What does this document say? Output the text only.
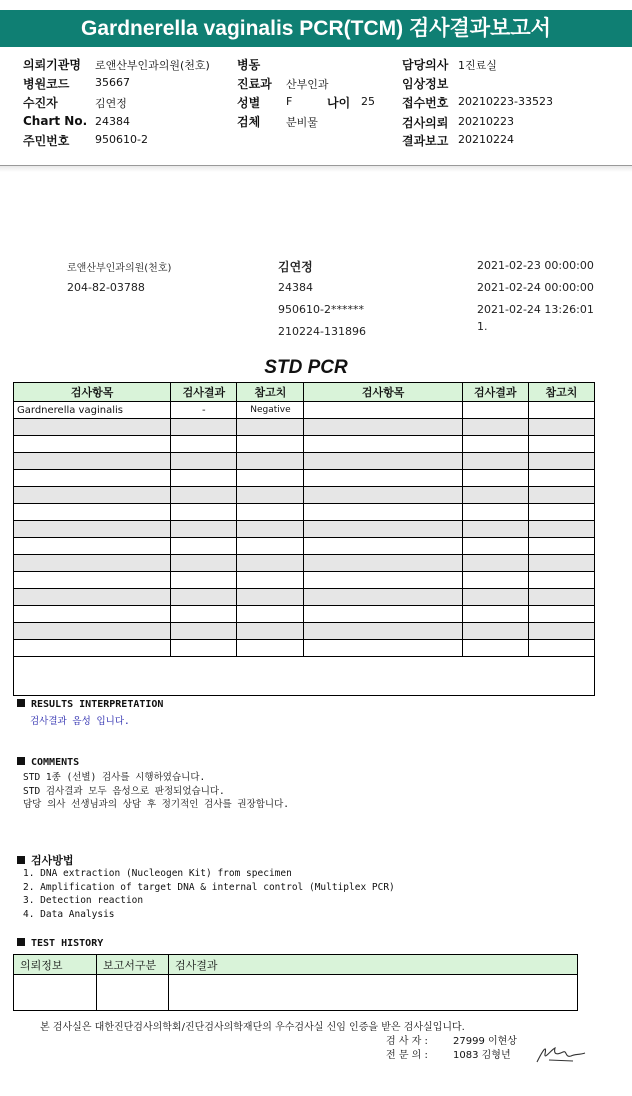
Gardnerella vaginalis PCR(TCM) 검사결과보고서
의뢰기관명 로앤산부인과의원(천호)
병원코드 35667
수진자	김연정
Chart No. 24384
주민번호 950610-2
병동
진료과 산부인과
성별 F	나이 25
검체 분비물
담당의사 1진료실
임상정보
접수번호 20210223-33523
검사의뢰 20210223
결과보고 20210224
로앤산부인과의원(천호)
204-82-03788
김연정
24384
950610-2******
210224-131896
2021-02-23 00:00:00
2021-02-24 00:00:00
2021-02-24 13:26:01
1.
STD PCR
검사항목	검사결과	참고치	검사항목	검사결과	참고치
Gardnerella vaginalis	-	Negative			

RESULTS INTERPRETATION
검사결과 음성 입니다.
COMMENTS
STD 1종 (선별) 검사를 시행하였습니다.
STD 검사결과 모두 음성으로 판정되었습니다.
담당 의사 선생님과의 상담 후 정기적인 검사를 권장합니다.
검사방법
1. DNA extraction (Nucleogen Kit) from specimen
2. Amplification of target DNA & internal control (Multiplex PCR)
3. Detection reaction
4. Data Analysis
TEST HISTORY
의뢰정보	보고서구분	검사결과

본 검사실은 대한진단검사의학회/진단검사의학재단의 우수검사실 신임 인증을 받은 검사실입니다.
검 사 자 :	27999 이현상
전 문 의 :	1083 김형년
